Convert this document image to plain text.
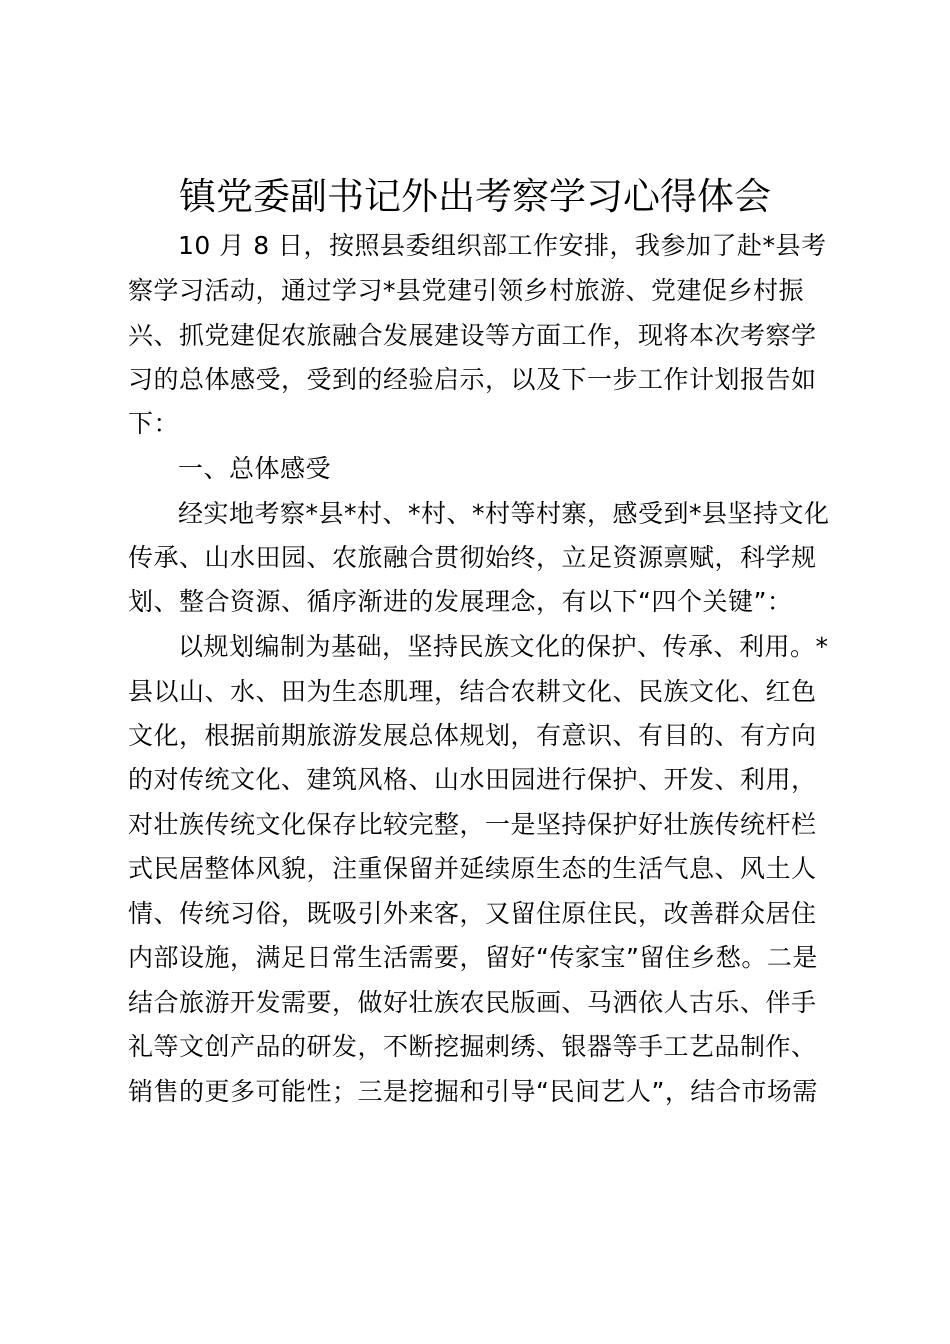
镇党委副书记外出考察学习心得体会
10 月 8 日，按照县委组织部工作安排，我参加了赴*县考
察学习活动，通过学习*县党建引领乡村旅游、党建促乡村振
兴、抓党建促农旅融合发展建设等方面工作，现将本次考察学
习的总体感受，受到的经验启示，以及下一步工作计划报告如
下：
一、总体感受
经实地考察*县*村、*村、*村等村寨，感受到*县坚持文化
传承、山水田园、农旅融合贯彻始终，立足资源禀赋，科学规
划、整合资源、循序渐进的发展理念，有以下“四个关键”：
以规划编制为基础，坚持民族文化的保护、传承、利用。*
县以山、水、田为生态肌理，结合农耕文化、民族文化、红色
文化，根据前期旅游发展总体规划，有意识、有目的、有方向
的对传统文化、建筑风格、山水田园进行保护、开发、利用，
对壮族传统文化保存比较完整，一是坚持保护好壮族传统杆栏
式民居整体风貌，注重保留并延续原生态的生活气息、风土人
情、传统习俗，既吸引外来客，又留住原住民，改善群众居住
内部设施，满足日常生活需要，留好“传家宝”留住乡愁。二是
结合旅游开发需要，做好壮族农民版画、马洒依人古乐、伴手
礼等文创产品的研发，不断挖掘刺绣、银器等手工艺品制作、
销售的更多可能性；三是挖掘和引导“民间艺人”，结合市场需
